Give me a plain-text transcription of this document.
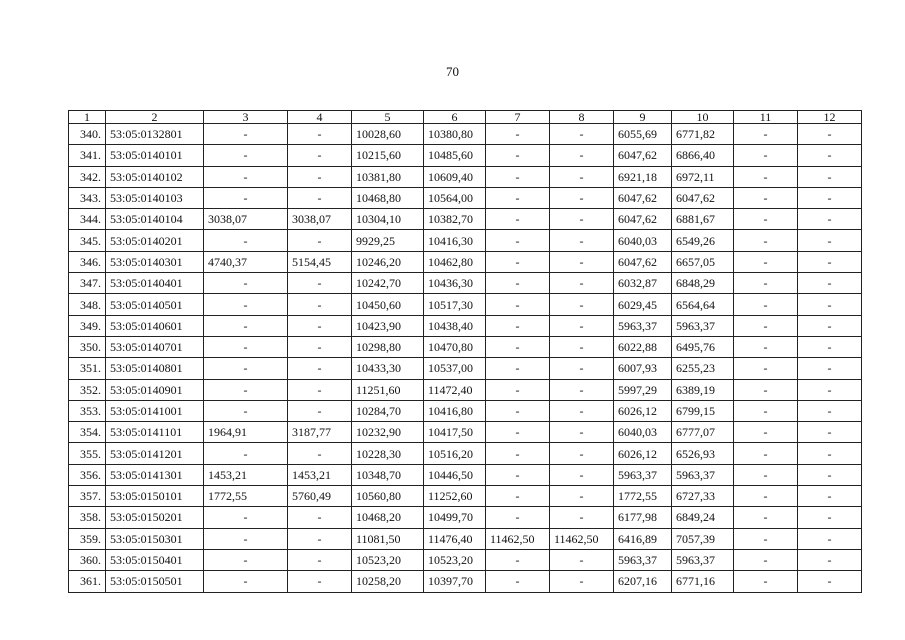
70
1	2	3	4	5	6	7	8	9	10	11	12
340.	53:05:0132801	-	-	10028,60	10380,80	-	-	6055,69	6771,82	-	-
341.	53:05:0140101	-	-	10215,60	10485,60	-	-	6047,62	6866,40	-	-
342.	53:05:0140102	-	-	10381,80	10609,40	-	-	6921,18	6972,11	-	-
343.	53:05:0140103	-	-	10468,80	10564,00	-	-	6047,62	6047,62	-	-
344.	53:05:0140104	3038,07	3038,07	10304,10	10382,70	-	-	6047,62	6881,67	-	-
345.	53:05:0140201	-	-	9929,25	10416,30	-	-	6040,03	6549,26	-	-
346.	53:05:0140301	4740,37	5154,45	10246,20	10462,80	-	-	6047,62	6657,05	-	-
347.	53:05:0140401	-	-	10242,70	10436,30	-	-	6032,87	6848,29	-	-
348.	53:05:0140501	-	-	10450,60	10517,30	-	-	6029,45	6564,64	-	-
349.	53:05:0140601	-	-	10423,90	10438,40	-	-	5963,37	5963,37	-	-
350.	53:05:0140701	-	-	10298,80	10470,80	-	-	6022,88	6495,76	-	-
351.	53:05:0140801	-	-	10433,30	10537,00	-	-	6007,93	6255,23	-	-
352.	53:05:0140901	-	-	11251,60	11472,40	-	-	5997,29	6389,19	-	-
353.	53:05:0141001	-	-	10284,70	10416,80	-	-	6026,12	6799,15	-	-
354.	53:05:0141101	1964,91	3187,77	10232,90	10417,50	-	-	6040,03	6777,07	-	-
355.	53:05:0141201	-	-	10228,30	10516,20	-	-	6026,12	6526,93	-	-
356.	53:05:0141301	1453,21	1453,21	10348,70	10446,50	-	-	5963,37	5963,37	-	-
357.	53:05:0150101	1772,55	5760,49	10560,80	11252,60	-	-	1772,55	6727,33	-	-
358.	53:05:0150201	-	-	10468,20	10499,70	-	-	6177,98	6849,24	-	-
359.	53:05:0150301	-	-	11081,50	11476,40	11462,50	11462,50	6416,89	7057,39	-	-
360.	53:05:0150401	-	-	10523,20	10523,20	-	-	5963,37	5963,37	-	-
361.	53:05:0150501	-	-	10258,20	10397,70	-	-	6207,16	6771,16	-	-
